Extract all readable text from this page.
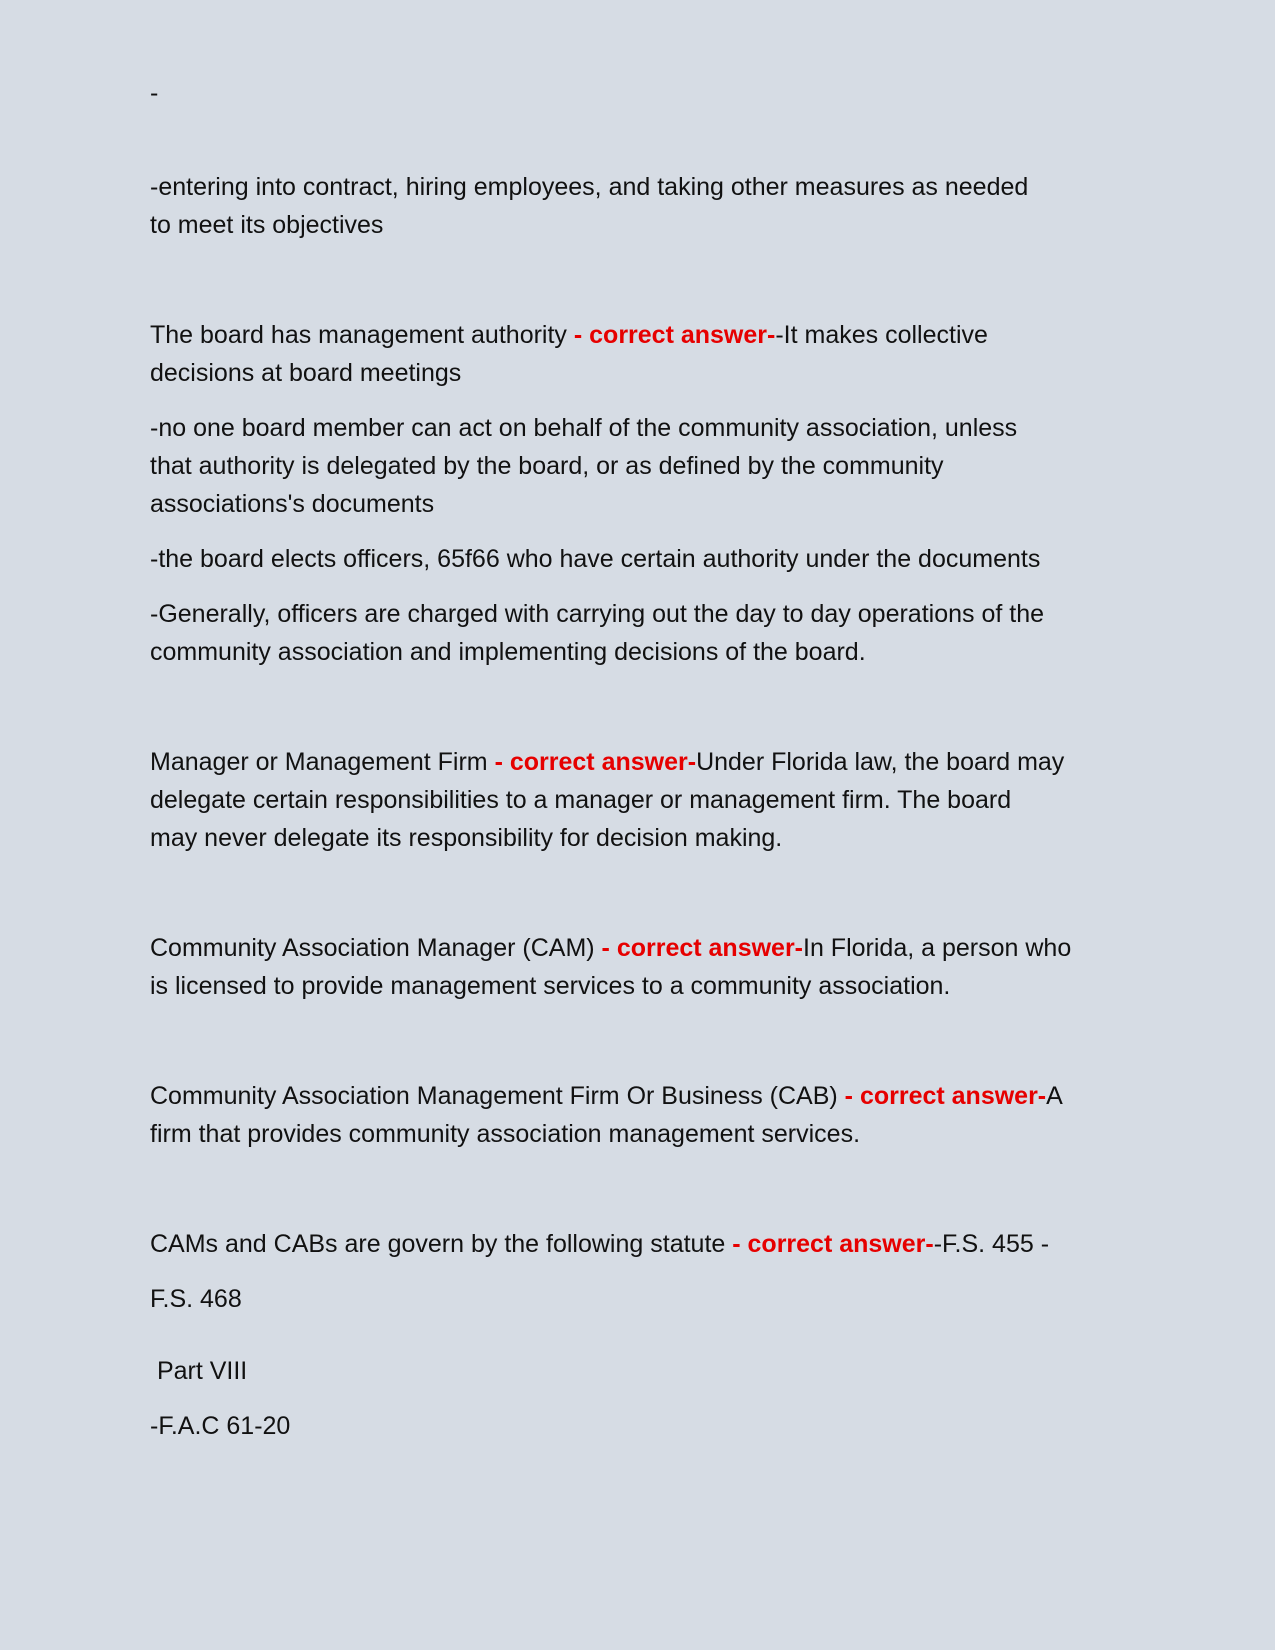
-
-entering into contract, hiring employees, and taking other measures as needed
to meet its objectives
The board has management authority - correct answer--It makes collective
decisions at board meetings
-no one board member can act on behalf of the community association, unless
that authority is delegated by the board, or as defined by the community
associations's documents
-the board elects officers, 65f66 who have certain authority under the documents
-Generally, officers are charged with carrying out the day to day operations of the
community association and implementing decisions of the board.
Manager or Management Firm - correct answer-Under Florida law, the board may
delegate certain responsibilities to a manager or management firm. The board
may never delegate its responsibility for decision making.
Community Association Manager (CAM) - correct answer-In Florida, a person who
is licensed to provide management services to a community association.
Community Association Management Firm Or Business (CAB) - correct answer-A
firm that provides community association management services.
CAMs and CABs are govern by the following statute - correct answer--F.S. 455 -
F.S. 468
Part VIII
-F.A.C 61-20
